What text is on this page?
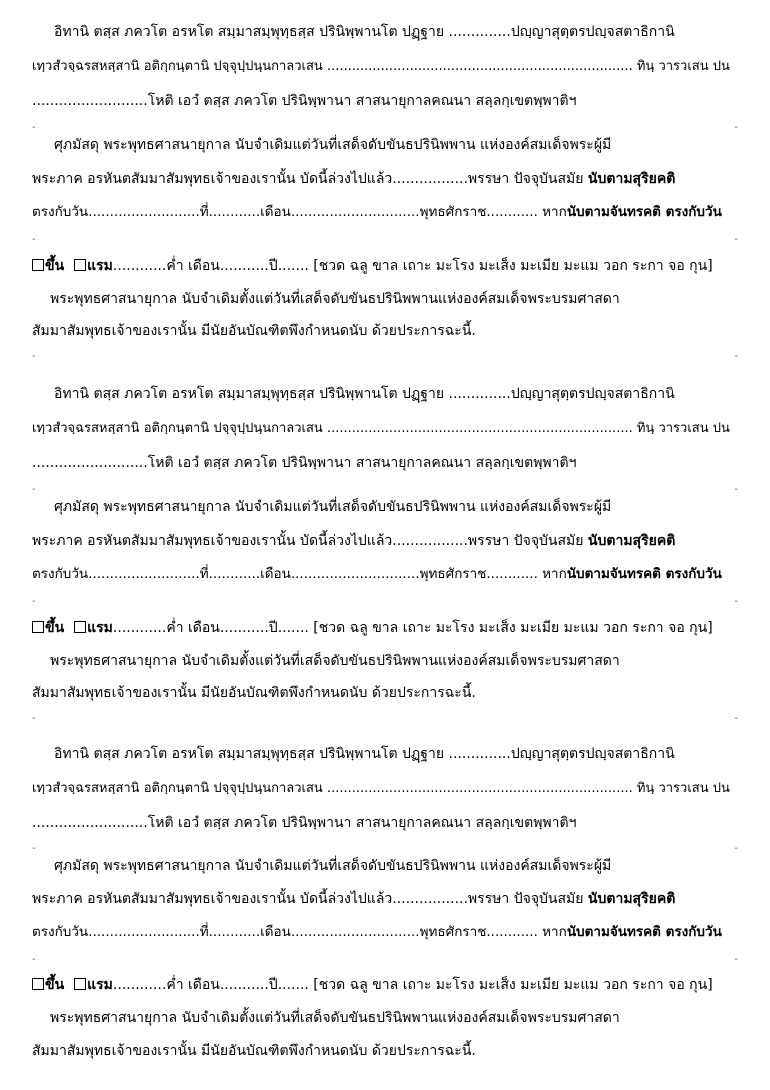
อิทานิ ตสฺส ภควโต อรหโต สมฺมาสมฺพุทฺธสฺส ปรินิพฺพานโต ปฏฺฐาย ..............ปญฺญาสุตฺตรปญฺจสตาธิกานิ
เทฺวสํวจฺฉรสหสฺสานิ อติกฺกนฺตานิ ปจฺจุปฺปนฺนกาลวเสน .......................................................................... ทินฺ วารวเสน ปน
..........................โหติ เอวํ ตสฺส ภควโต ปรินิพฺพานา สาสนายุกาลคณนา สลฺลกฺเขตพฺพาติฯ
-	-
ศุภมัสดุ พระพุทธศาสนายุกาล นับจำเดิมแต่วันที่เสด็จดับขันธปรินิพพาน แห่งองค์สมเด็จพระผู้มี
พระภาค อรหันตสัมมาสัมพุทธเจ้าของเรานั้น บัดนี้ล่วงไปแล้ว.................พรรษา ปัจจุบันสมัย นับตามสุริยคติ
ตรงกับวัน..........................ที่............เดือน..............................พุทธศักราช............ หากนับตามจันทรคติ ตรงกับวัน
-	-
ขึ้น แรม............ค่ำ เดือน...........ปี....... [ชวด ฉลู ขาล เถาะ มะโรง มะเส็ง มะเมีย มะแม วอก ระกา จอ กุน]
พระพุทธศาสนายุกาล นับจำเดิมตั้งแต่วันที่เสด็จดับขันธปรินิพพานแห่งองค์สมเด็จพระบรมศาสดา
สัมมาสัมพุทธเจ้าของเรานั้น มีนัยอันบัณฑิตพึงกำหนดนับ ด้วยประการฉะนี้.
-	-
อิทานิ ตสฺส ภควโต อรหโต สมฺมาสมฺพุทฺธสฺส ปรินิพฺพานโต ปฏฺฐาย ..............ปญฺญาสุตฺตรปญฺจสตาธิกานิ
เทฺวสํวจฺฉรสหสฺสานิ อติกฺกนฺตานิ ปจฺจุปฺปนฺนกาลวเสน .......................................................................... ทินฺ วารวเสน ปน
..........................โหติ เอวํ ตสฺส ภควโต ปรินิพฺพานา สาสนายุกาลคณนา สลฺลกฺเขตพฺพาติฯ
-	-
ศุภมัสดุ พระพุทธศาสนายุกาล นับจำเดิมแต่วันที่เสด็จดับขันธปรินิพพาน แห่งองค์สมเด็จพระผู้มี
พระภาค อรหันตสัมมาสัมพุทธเจ้าของเรานั้น บัดนี้ล่วงไปแล้ว.................พรรษา ปัจจุบันสมัย นับตามสุริยคติ
ตรงกับวัน..........................ที่............เดือน..............................พุทธศักราช............ หากนับตามจันทรคติ ตรงกับวัน
-	-
ขึ้น แรม............ค่ำ เดือน...........ปี....... [ชวด ฉลู ขาล เถาะ มะโรง มะเส็ง มะเมีย มะแม วอก ระกา จอ กุน]
พระพุทธศาสนายุกาล นับจำเดิมตั้งแต่วันที่เสด็จดับขันธปรินิพพานแห่งองค์สมเด็จพระบรมศาสดา
สัมมาสัมพุทธเจ้าของเรานั้น มีนัยอันบัณฑิตพึงกำหนดนับ ด้วยประการฉะนี้.
-	-
อิทานิ ตสฺส ภควโต อรหโต สมฺมาสมฺพุทฺธสฺส ปรินิพฺพานโต ปฏฺฐาย ..............ปญฺญาสุตฺตรปญฺจสตาธิกานิ
เทฺวสํวจฺฉรสหสฺสานิ อติกฺกนฺตานิ ปจฺจุปฺปนฺนกาลวเสน .......................................................................... ทินฺ วารวเสน ปน
..........................โหติ เอวํ ตสฺส ภควโต ปรินิพฺพานา สาสนายุกาลคณนา สลฺลกฺเขตพฺพาติฯ
-	-
ศุภมัสดุ พระพุทธศาสนายุกาล นับจำเดิมแต่วันที่เสด็จดับขันธปรินิพพาน แห่งองค์สมเด็จพระผู้มี
พระภาค อรหันตสัมมาสัมพุทธเจ้าของเรานั้น บัดนี้ล่วงไปแล้ว.................พรรษา ปัจจุบันสมัย นับตามสุริยคติ
ตรงกับวัน..........................ที่............เดือน..............................พุทธศักราช............ หากนับตามจันทรคติ ตรงกับวัน
-	-
ขึ้น แรม............ค่ำ เดือน...........ปี....... [ชวด ฉลู ขาล เถาะ มะโรง มะเส็ง มะเมีย มะแม วอก ระกา จอ กุน]
พระพุทธศาสนายุกาล นับจำเดิมตั้งแต่วันที่เสด็จดับขันธปรินิพพานแห่งองค์สมเด็จพระบรมศาสดา
สัมมาสัมพุทธเจ้าของเรานั้น มีนัยอันบัณฑิตพึงกำหนดนับ ด้วยประการฉะนี้.
